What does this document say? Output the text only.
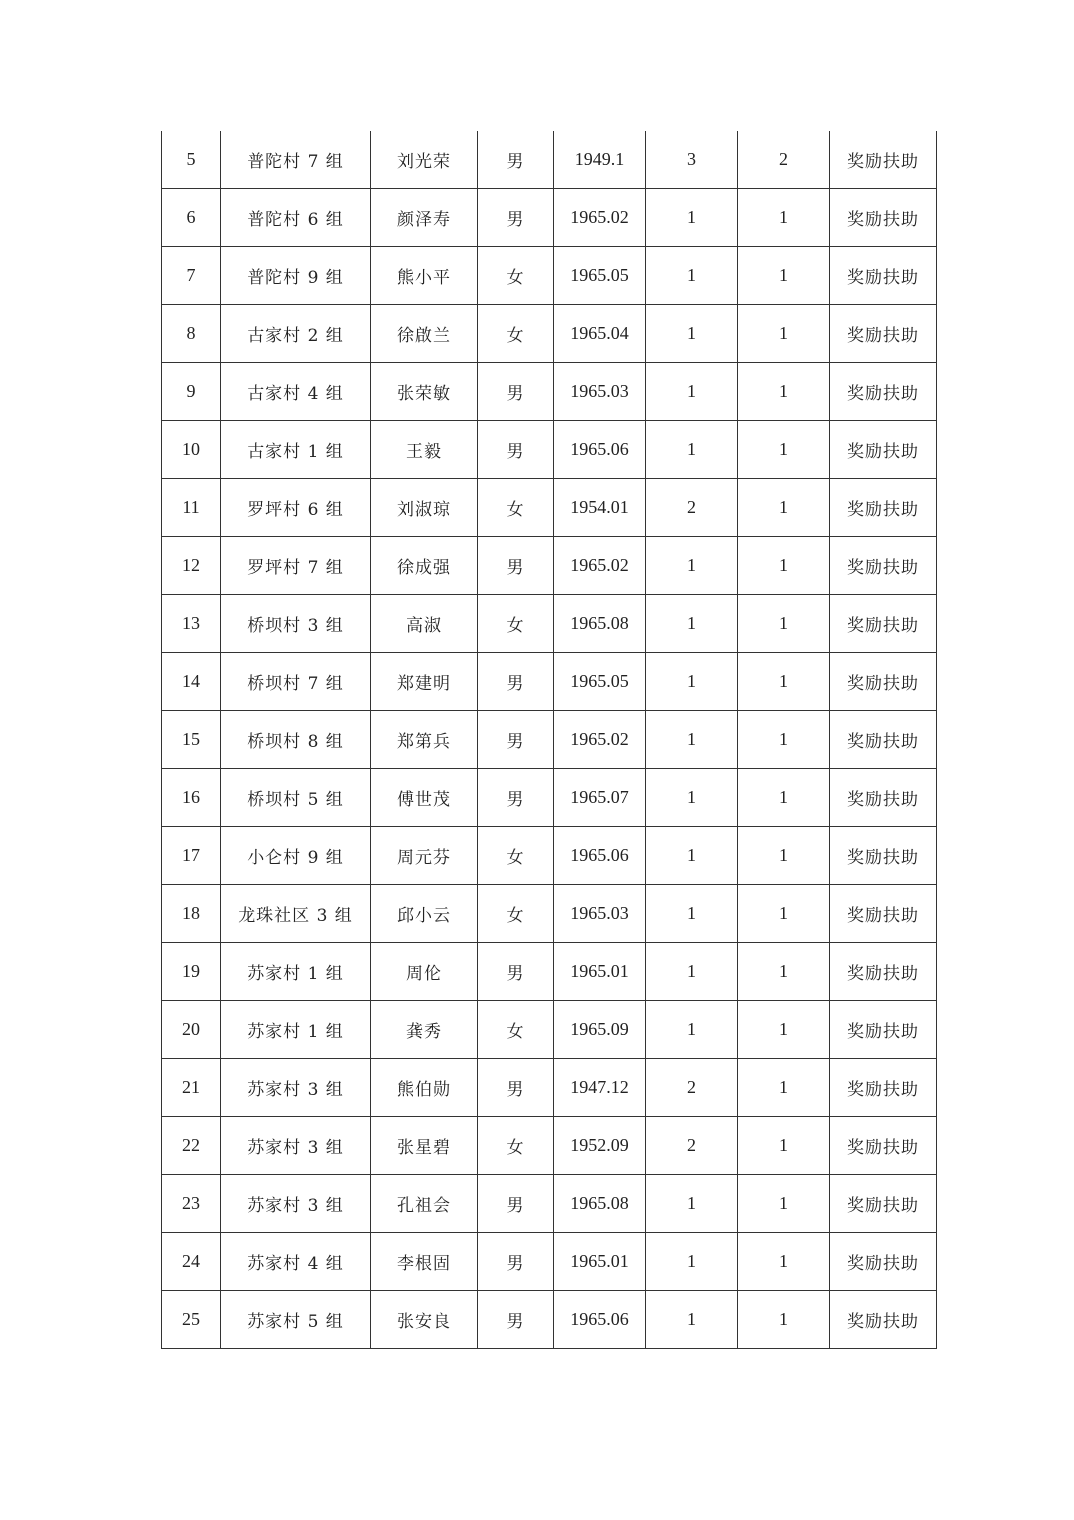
5	普陀村 7 组	刘光荣	男	1949.1	3	2	奖励扶助
6	普陀村 6 组	颜泽寿	男	1965.02	1	1	奖励扶助
7	普陀村 9 组	熊小平	女	1965.05	1	1	奖励扶助
8	古家村 2 组	徐啟兰	女	1965.04	1	1	奖励扶助
9	古家村 4 组	张荣敏	男	1965.03	1	1	奖励扶助
10	古家村 1 组	王毅	男	1965.06	1	1	奖励扶助
11	罗坪村 6 组	刘淑琼	女	1954.01	2	1	奖励扶助
12	罗坪村 7 组	徐成强	男	1965.02	1	1	奖励扶助
13	桥坝村 3 组	高淑	女	1965.08	1	1	奖励扶助
14	桥坝村 7 组	郑建明	男	1965.05	1	1	奖励扶助
15	桥坝村 8 组	郑第兵	男	1965.02	1	1	奖励扶助
16	桥坝村 5 组	傅世茂	男	1965.07	1	1	奖励扶助
17	小仑村 9 组	周元芬	女	1965.06	1	1	奖励扶助
18	龙珠社区 3 组	邱小云	女	1965.03	1	1	奖励扶助
19	苏家村 1 组	周伦	男	1965.01	1	1	奖励扶助
20	苏家村 1 组	龚秀	女	1965.09	1	1	奖励扶助
21	苏家村 3 组	熊伯勋	男	1947.12	2	1	奖励扶助
22	苏家村 3 组	张星碧	女	1952.09	2	1	奖励扶助
23	苏家村 3 组	孔祖会	男	1965.08	1	1	奖励扶助
24	苏家村 4 组	李根固	男	1965.01	1	1	奖励扶助
25	苏家村 5 组	张安良	男	1965.06	1	1	奖励扶助
